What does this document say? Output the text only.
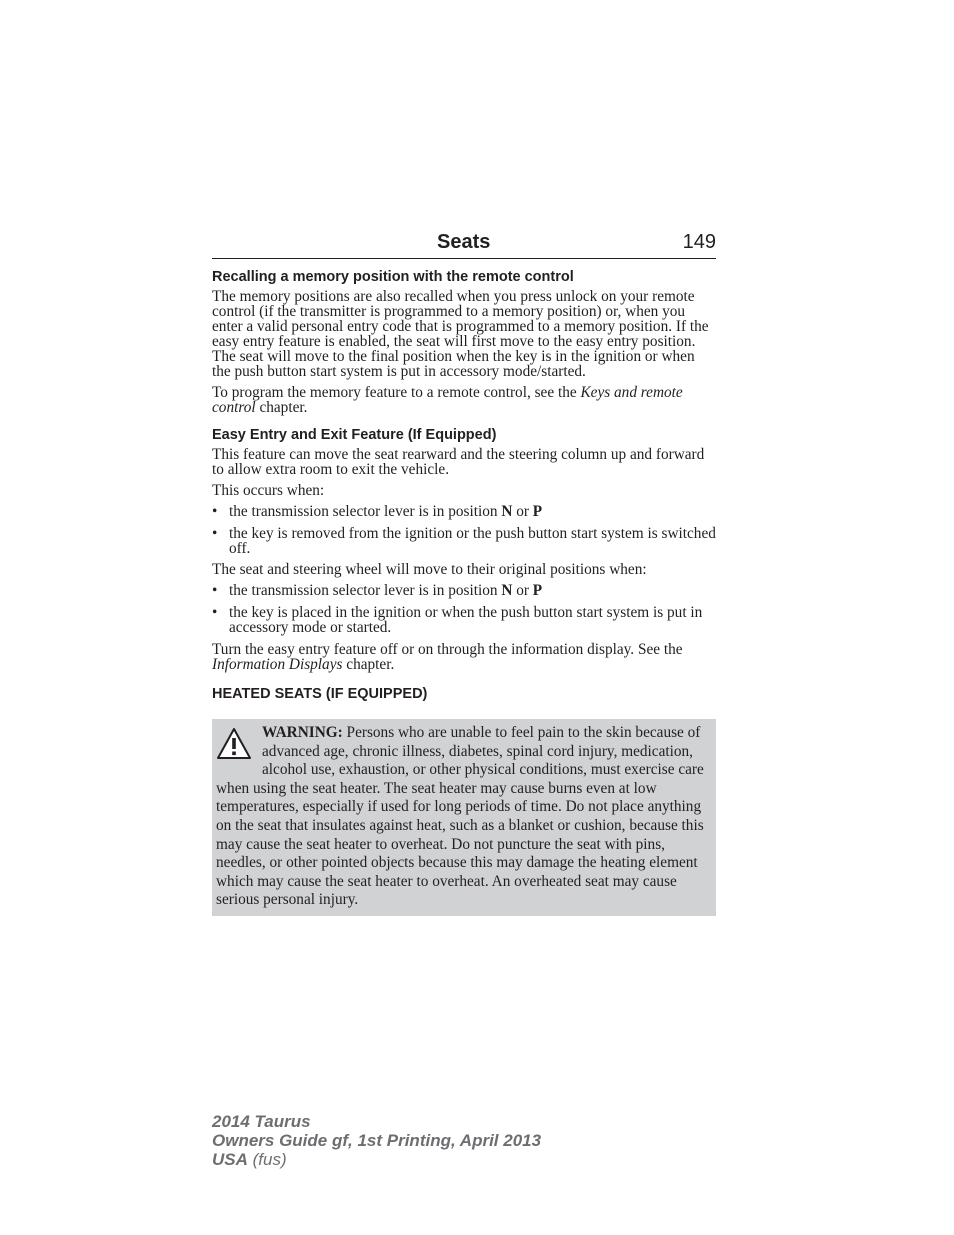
Seats	149
Recalling a memory position with the remote control

The memory positions are also recalled when you press unlock on your remote control (if the transmitter is programmed to a memory position) or, when you enter a valid personal entry code that is programmed to a memory position. If the easy entry feature is enabled, the seat will first move to the easy entry position. The seat will move to the final position when the key is in the ignition or when the push button start system is put in accessory mode/started.

To program the memory feature to a remote control, see the Keys and remote control chapter.

Easy Entry and Exit Feature (If Equipped)

This feature can move the seat rearward and the steering column up and forward to allow extra room to exit the vehicle.

This occurs when:

• the transmission selector lever is in position N or P
• the key is removed from the ignition or the push button start system is switched off.

The seat and steering wheel will move to their original positions when:

• the transmission selector lever is in position N or P
• the key is placed in the ignition or when the push button start system is put in accessory mode or started.

Turn the easy entry feature off or on through the information display. See the Information Displays chapter.

HEATED SEATS (IF EQUIPPED)

WARNING: Persons who are unable to feel pain to the skin because of advanced age, chronic illness, diabetes, spinal cord injury, medication, alcohol use, exhaustion, or other physical conditions, must exercise care when using the seat heater. The seat heater may cause burns even at low temperatures, especially if used for long periods of time. Do not place anything on the seat that insulates against heat, such as a blanket or cushion, because this may cause the seat heater to overheat. Do not puncture the seat with pins, needles, or other pointed objects because this may damage the heating element which may cause the seat heater to overheat. An overheated seat may cause serious personal injury.

2014 Taurus
Owners Guide gf, 1st Printing, April 2013
USA (fus)
